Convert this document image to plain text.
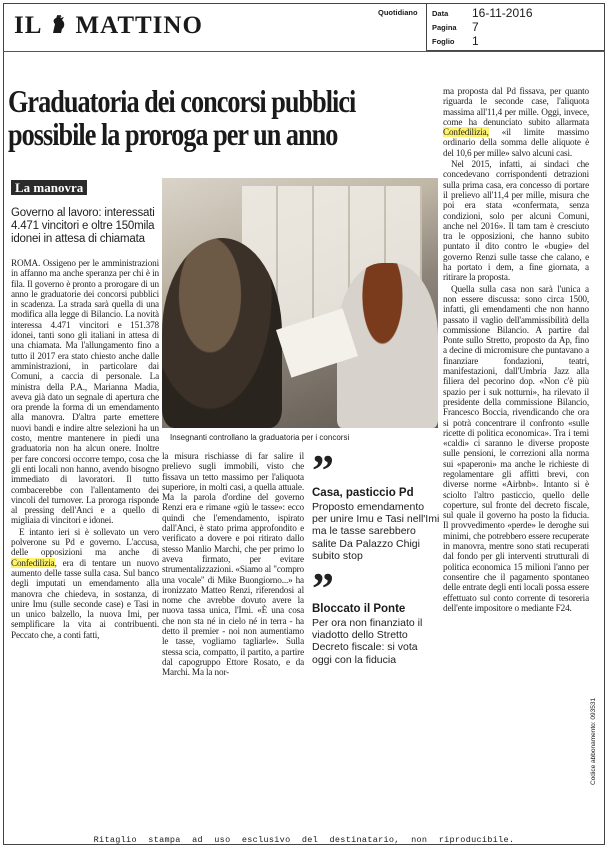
IL MATTINO	Quotidiano Data	16-11-2016
Pagina	7
Foglio	1
Graduatoria dei concorsi pubblici possibile la proroga per un anno
La manovra
Governo al lavoro: interessati 4.471 vincitori e oltre 150mila idonei in attesa di chiamata
Insegnanti controllano la graduatoria per i concorsi

ROMA. Ossigeno per le amministrazioni in affanno ma anche speranza per chi è in fila. Il governo è pronto a prorogare di un anno le graduatorie dei concorsi pubblici in scadenza. La strada sarà quella di una modifica alla legge di Bilancio. La novità interessa 4.471 vincitori e 151.378 idonei, tanti sono gli italiani in attesa di una chiamata. Ma l'allungamento fino a tutto il 2017 era stato chiesto anche dalle amministrazioni, in particolare dai Comuni, a caccia di personale. La ministra della P.A., Marianna Madia, aveva già dato un segnale di apertura che ora prende la forma di un emendamento alla manovra. D'altra parte emettere nuovi bandi e indire altre selezioni ha un costo, mentre mantenere in piedi una graduatoria non ha alcun onere. Inoltre per fare concorsi occorre tempo, cosa che gli enti locali non hanno, avendo bisogno immediato di lavoratori. Il tutto combacerebbe con l'allentamento dei vincoli del turnover. La proroga risponde al pressing dell'Anci e a quello di migliaia di vincitori e idonei.

E intanto ieri si è sollevato un vero polverone su Pd e governo. L'accusa, delle opposizioni ma anche di Confedilizia, era di tentare un nuovo aumento delle tasse sulla casa. Sul banco degli imputati un emendamento alla manovra che chiedeva, in sostanza, di unire Imu (sulle seconde case) e Tasi in un unico balzello, la nuova Imi, per semplificare la vita ai contribuenti. Peccato che, a conti fatti,

la misura rischiasse di far salire il prelievo sugli immobili, visto che fissava un tetto massimo per l'aliquota superiore, in molti casi, a quella attuale. Ma la parola d'ordine del governo Renzi era e rimane «giù le tasse»: ecco quindi che l'emendamento, ispirato dall'Anci, è stato prima approfondito e verificato a dovere e poi ritirato dallo stesso Manlio Marchi, che per primo lo aveva firmato, per evitare strumentalizzazioni. «Siamo al "compro una vocale" di Mike Buongiorno...» ha ironizzato Matteo Renzi, riferendosi al nome che avrebbe dovuto avere la nuova tassa unica, l'Imi. «È una cosa che non sta né in cielo né in terra - ha detto il premier - noi non aumentiamo le tasse, vogliamo tagliarle». Sulla stessa scia, compatto, il partito, a partire dal capogruppo Ettore Rosato, e da Marchi. Ma la nor-

”
Casa, pasticcio Pd
Proposto emendamento per unire Imu e Tasi nell'Imi ma le tasse sarebbero salite Da Palazzo Chigi subito stop
”
Bloccato il Ponte
Per ora non finanziato il viadotto dello Stretto Decreto fiscale: si vota oggi con la fiducia

ma proposta dal Pd fissava, per quanto riguarda le seconde case, l'aliquota massima all'11,4 per mille. Oggi, invece, come ha denunciato subito allarmata Confedilizia, «il limite massimo ordinario della somma delle aliquote è del 10,6 per mille» salvo alcuni casi.

Nel 2015, infatti, ai sindaci che concedevano corrispondenti detrazioni sulla prima casa, era concesso di portare il prelievo all'11,4 per mille, misura che poi era stata «confermata, senza condizioni, solo per alcuni Comuni, anche nel 2016». Il tam tam è cresciuto tra le opposizioni, che hanno subito puntato il dito contro le «bugie» del governo Renzi sulle tasse che calano, e ha portato i dem, a fine giornata, a ritirare la proposta.

Quella sulla casa non sarà l'unica a non essere discussa: sono circa 1500, infatti, gli emendamenti che non hanno passato il vaglio dell'ammissibilità della commissione Bilancio. A partire dal Ponte sullo Stretto, proposto da Ap, fino a decine di micromisure che puntavano a finanziare fondazioni, teatri, manifestazioni, dall'Umbria Jazz alla filiera del pecorino dop. «Non c'è più spazio per i suk notturni», ha rilevato il presidente della commissione Bilancio, Francesco Boccia, rivendicando che ora si potrà concentrare il confronto «sulle ricette di politica economica». Tra i temi «caldi» ci saranno le diverse proposte sulle pensioni, le correzioni alla norma sui «paperoni» ma anche le richieste di regolamentare gli affitti brevi, con diverse norme «Airbnb». Intanto si è sciolto l'altro pasticcio, quello delle coperture, sul fronte del decreto fiscale, sul quale il governo ha posto la fiducia. Il provvedimento «perde» le deroghe sui minimi, che potrebbero essere recuperate in manovra, mentre sono stati recuperati dal fondo per gli interventi strutturali di politica economica 15 milioni l'anno per consentire che il pagamento spontaneo delle entrate degli enti locali possa essere effettuato sul conto corrente di tesoreria dell'ente impositore o mediante F24.

Codice abbonamento: 093531
Ritaglio stampa ad uso esclusivo del destinatario, non riproducibile.
